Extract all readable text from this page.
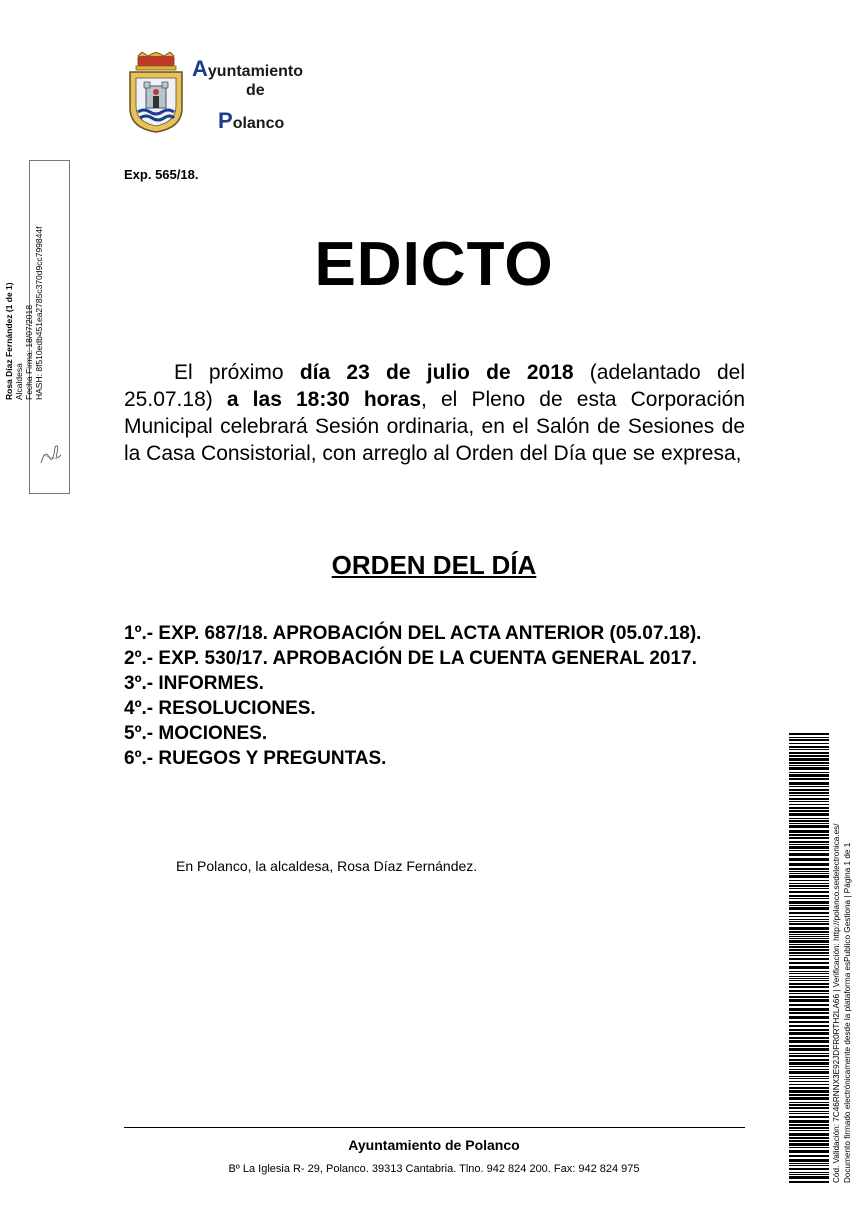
Ayuntamiento
de
Polanco
Rosa Díaz Fernández (1 de 1) Alcaldesa Fecha Firma: 18/07/2018 HASH: 8f510edb451ea2785c370d9cc799844f
Exp. 565/18.
EDICTO
El próximo día 23 de julio de 2018 (adelantado del 25.07.18) a las 18:30 horas, el Pleno de esta Corporación Municipal celebrará Sesión ordinaria, en el Salón de Sesiones de la Casa Consistorial, con arreglo al Orden del Día que se expresa,
ORDEN DEL DÍA
1º.- EXP. 687/18. APROBACIÓN DEL ACTA ANTERIOR (05.07.18).
2º.- EXP. 530/17. APROBACIÓN DE LA CUENTA GENERAL 2017.
3º.- INFORMES.
4º.- RESOLUCIONES.
5º.- MOCIONES.
6º.- RUEGOS Y PREGUNTAS.
En Polanco, la alcaldesa, Rosa Díaz Fernández.
Ayuntamiento de Polanco
Bº La Iglesia R- 29, Polanco. 39313 Cantabria. Tlno. 942 824 200. Fax: 942 824 975	Cód. Validación: 7C46RNNX3E92JDFR0RTH2LA66 | Verificación: http://polanco.sedelectronica.es/ Documento firmado electrónicamente desde la plataforma esPublico Gestiona | Página 1 de 1
